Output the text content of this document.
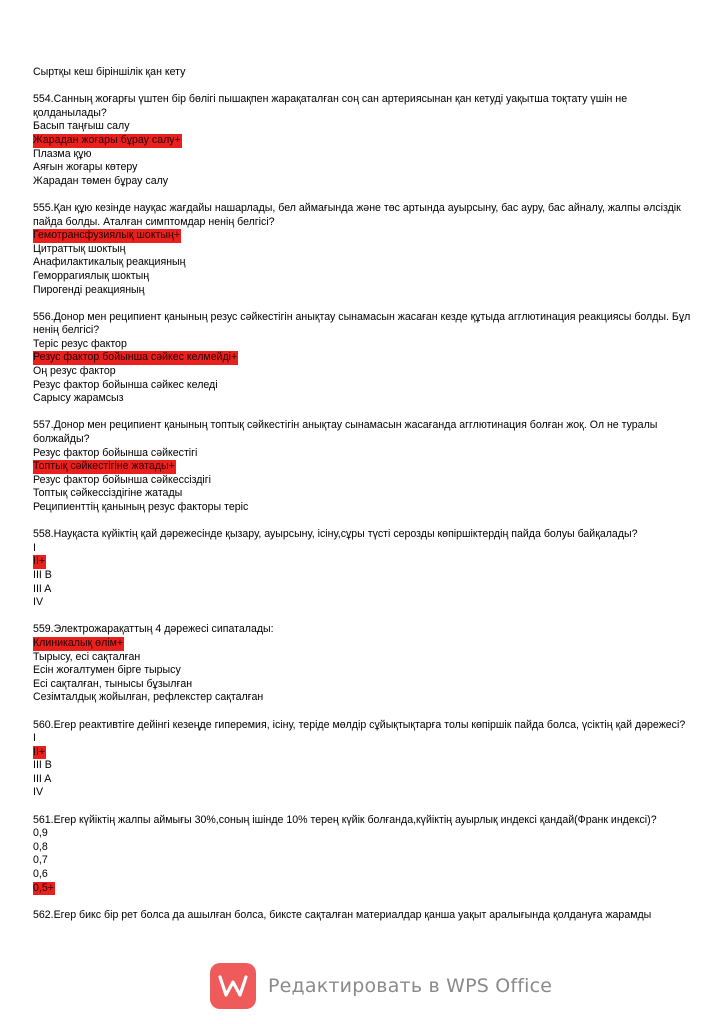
Сыртқы кеш біріншілік қан кету
554.Санның жоғарғы үштен бір бөлігі пышақпен жарақаталған соң сан артериясынан қан кетуді уақытша тоқтату үшін не қолданылады?
Басып таңғыш салу
Жарадан жоғары бұрау салу+
Плазма құю
Аяғын жоғары көтеру
Жарадан төмен бұрау салу
555.Қан құю кезінде науқас жағдайы нашарлады, бел аймағында және төс артында ауырсыну, бас ауру, бас айналу, жалпы әлсіздік пайда болды. Аталған симптомдар ненің белгісі?
Гемотрансфузиялық шоктың+
Цитраттық шоктың
Анафилактикалық реакцияның
Геморрагиялық шоктың
Пирогенді реакцияның
556.Донор мен реципиент қанының резус сәйкестігін анықтау сынамасын жасаған кезде құтыда агглютинация реакциясы болды. Бұл ненің белгісі?
Теріс резус фактор
Резус фактор бойынша сәйкес келмейді+
Оң резус фактор
Резус фактор бойынша сәйкес келеді
Сарысу жарамсыз
557.Донор мен реципиент қанының топтық сәйкестігін анықтау сынамасын жасағанда агглютинация болған жоқ. Ол не туралы болжайды?
Резус фактор бойынша сәйкестігі
Топтық сәйкестігіне жатады+
Резус фактор бойынша сәйкессіздігі
Топтық сәйкессіздігіне жатады
Реципиенттің қанының резус факторы теріс
558.Науқаста күйіктің қай дәрежесінде қызару, ауырсыну, ісіну,сұры түсті серозды көпіршіктердің пайда болуы байқалады?
I
II+
III B
III A
IV
559.Электрожарақаттың 4 дәрежесі сипаталады:
Клиникалық өлім+
Тырысу, есі сақталған
Есін жоғалтумен бірге тырысу
Есі сақталған, тынысы бұзылған
Сезімталдық жойылған, рефлекстер сақталған
560.Егер реактивтіге дейінгі кезеңде гиперемия, ісіну, теріде мөлдір сұйықтықтарға толы көпіршік пайда болса, үсіктің қай дәрежесі?
I
II+
III B
III A
IV
561.Егер күйіктің жалпы аймығы 30%,соның ішінде 10% терең күйік болғанда,күйіктің ауырлық индексі қандай(Франк индексі)?
0,9
0,8
0,7
0,6
0,5+
562.Егер бикс бір рет болса да ашылған болса, биксте сақталған материалдар қанша уақыт аралығында қолдануға жарамды
Редактировать в WPS Office
